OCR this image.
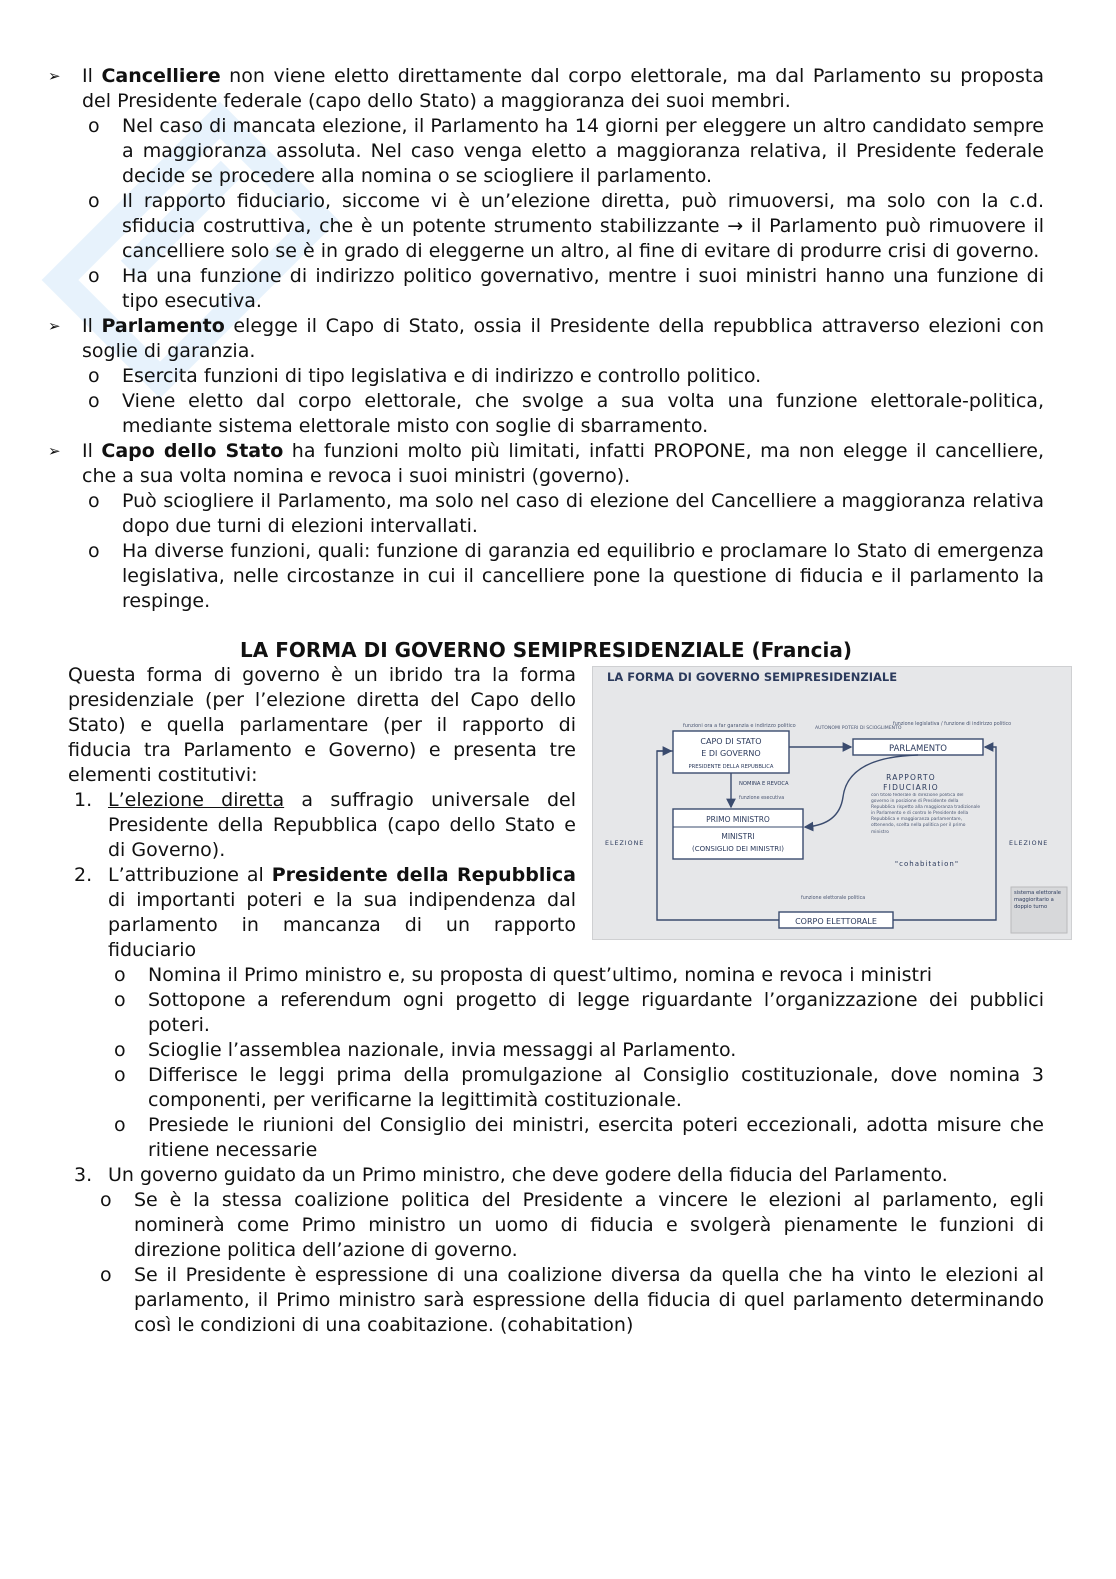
➢ Il Cancelliere non viene eletto direttamente dal corpo elettorale, ma dal Parlamento su proposta del Presidente federale (capo dello Stato) a maggioranza dei suoi membri.
o Nel caso di mancata elezione, il Parlamento ha 14 giorni per eleggere un altro candidato sempre a maggioranza assoluta. Nel caso venga eletto a maggioranza relativa, il Presidente federale decide se procedere alla nomina o se sciogliere il parlamento.
o Il rapporto fiduciario, siccome vi è un’elezione diretta, può rimuoversi, ma solo con la c.d. sfiducia costruttiva, che è un potente strumento stabilizzante → il Parlamento può rimuovere il cancelliere solo se è in grado di eleggerne un altro, al fine di evitare di produrre crisi di governo.
o Ha una funzione di indirizzo politico governativo, mentre i suoi ministri hanno una funzione di tipo esecutiva.
➢ Il Parlamento elegge il Capo di Stato, ossia il Presidente della repubblica attraverso elezioni con soglie di garanzia.
o Esercita funzioni di tipo legislativa e di indirizzo e controllo politico.
o Viene eletto dal corpo elettorale, che svolge a sua volta una funzione elettorale-politica, mediante sistema elettorale misto con soglie di sbarramento.
➢ Il Capo dello Stato ha funzioni molto più limitati, infatti PROPONE, ma non elegge il cancelliere, che a sua volta nomina e revoca i suoi ministri (governo).
o Può sciogliere il Parlamento, ma solo nel caso di elezione del Cancelliere a maggioranza relativa dopo due turni di elezioni intervallati.
o Ha diverse funzioni, quali: funzione di garanzia ed equilibrio e proclamare lo Stato di emergenza legislativa, nelle circostanze in cui il cancelliere pone la questione di fiducia e il parlamento la respinge.
LA FORMA DI GOVERNO SEMIPRESIDENZIALE (Francia)
LA FORMA DI GOVERNO SEMIPRESIDENZIALE
funzioni ora a far garanzia e indirizzo politico
CAPO DI STATO
E DI GOVERNO
PRESIDENTE DELLA REPUBBLICA
AUTONOMI POTERI DI SCIOGLIMENTO
funzione legislativa / funzione di indirizzo politico
PARLAMENTO
NOMINA E REVOCA
funzione esecutiva
PRIMO MINISTRO
MINISTRI
(CONSIGLIO DEI MINISTRI)
RAPPORTO
FIDUCIARIO
con titolo federale di direzione politica del governo in posizione di Presidente della Repubblica rispetto alla maggioranza tradizionale in Parlamento e di contro le Presidente della Repubblica e maggioranza parlamentare, ottenendo, scelta nella politica per il primo ministro
"cohabitation"
ELEZIONE	ELEZIONE
funzione elettorale politica
CORPO ELETTORALE
sistema elettorale maggioritario a doppio turno
Questa forma di governo è un ibrido tra la forma presidenziale (per l’elezione diretta del Capo dello Stato) e quella parlamentare (per il rapporto di fiducia tra Parlamento e Governo) e presenta tre elementi costitutivi:
1. L’elezione diretta a suffragio universale del Presidente della Repubblica (capo dello Stato e di Governo).
2. L’attribuzione al Presidente della Repubblica di importanti poteri e la sua indipendenza dal parlamento in mancanza di un rapporto fiduciario
o Nomina il Primo ministro e, su proposta di quest’ultimo, nomina e revoca i ministri
o Sottopone a referendum ogni progetto di legge riguardante l’organizzazione dei pubblici poteri.
o Scioglie l’assemblea nazionale, invia messaggi al Parlamento.
o Differisce le leggi prima della promulgazione al Consiglio costituzionale, dove nomina 3 componenti, per verificarne la legittimità costituzionale.
o Presiede le riunioni del Consiglio dei ministri, esercita poteri eccezionali, adotta misure che ritiene necessarie
3. Un governo guidato da un Primo ministro, che deve godere della fiducia del Parlamento.
o Se è la stessa coalizione politica del Presidente a vincere le elezioni al parlamento, egli nominerà come Primo ministro un uomo di fiducia e svolgerà pienamente le funzioni di direzione politica dell’azione di governo.
o Se il Presidente è espressione di una coalizione diversa da quella che ha vinto le elezioni al parlamento, il Primo ministro sarà espressione della fiducia di quel parlamento determinando così le condizioni di una coabitazione. (cohabitation)
